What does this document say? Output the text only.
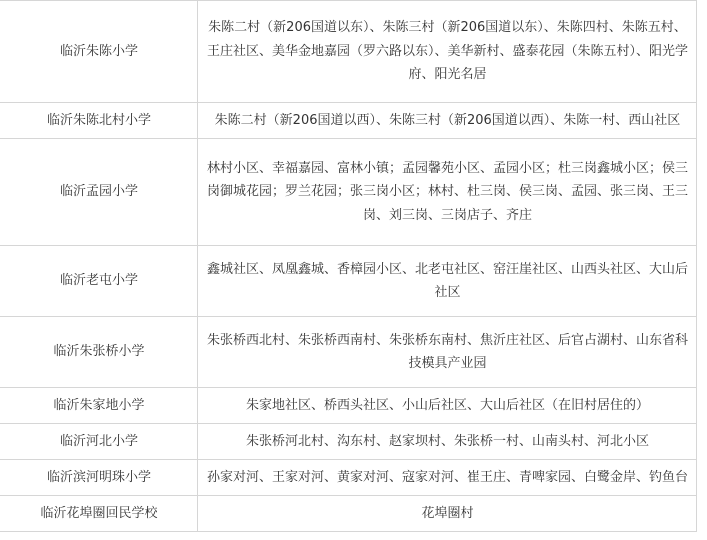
临沂朱陈小学	朱陈二村（新206国道以东）、朱陈三村（新206国道以东）、朱陈四村、朱陈五村、王庄社区、美华金地嘉园（罗六路以东）、美华新村、盛泰花园（朱陈五村）、阳光学府、阳光名居
临沂朱陈北村小学	朱陈二村（新206国道以西）、朱陈三村（新206国道以西）、朱陈一村、西山社区
临沂孟园小学	林村小区、幸福嘉园、富林小镇；孟园馨苑小区、孟园小区；杜三岗鑫城小区；侯三岗御城花园；罗兰花园；张三岗小区；林村、杜三岗、侯三岗、孟园、张三岗、王三岗、刘三岗、三岗店子、齐庄
临沂老屯小学	鑫城社区、凤凰鑫城、香樟园小区、北老屯社区、窑汪崖社区、山西头社区、大山后社区
临沂朱张桥小学	朱张桥西北村、朱张桥西南村、朱张桥东南村、焦沂庄社区、后官占湖村、山东省科技模具产业园
临沂朱家地小学	朱家地社区、桥西头社区、小山后社区、大山后社区（在旧村居住的）
临沂河北小学	朱张桥河北村、沟东村、赵家坝村、朱张桥一村、山南头村、河北小区
临沂滨河明珠小学	孙家对河、王家对河、黄家对河、寇家对河、崔王庄、青啤家园、白鹭金岸、钓鱼台
临沂花埠圈回民学校	花埠圈村
